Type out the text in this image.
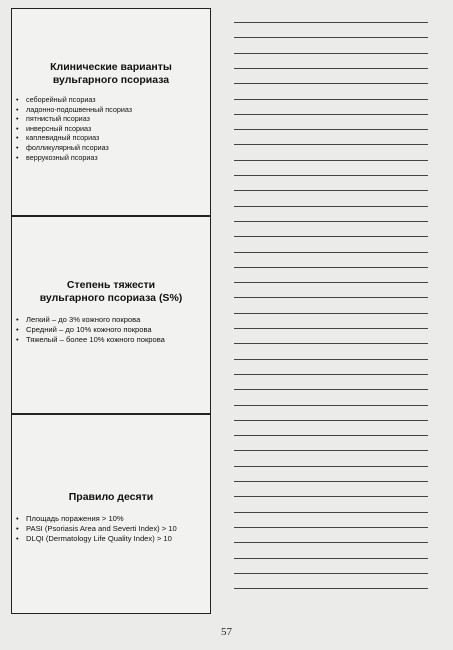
Клинические варианты
вульгарного псориаза
• себорейный псориаз
• ладонно-подошвенный псориаз
• пятнистый псориаз
• инверсный псориаз
• каплевидный псориаз
• фолликулярный псориаз
• веррукозный псориаз
Степень тяжести
вульгарного псориаза (S%)
• Легкий – до 3% кожного покрова
• Средний – до 10% кожного покрова
• Тяжелый – более 10% кожного покрова
Правило десяти
• Площадь поражения > 10%
• PASI (Psoriasis Area and Severti Index) > 10
• DLQI (Dermatology Life Quality Index) > 10
57
